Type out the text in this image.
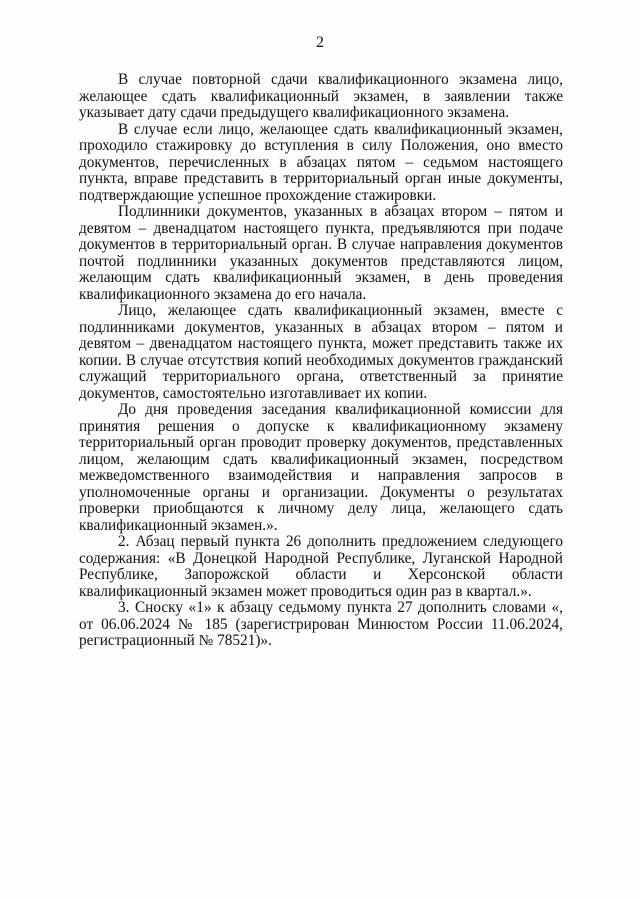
2

В случае повторной сдачи квалификационного экзамена лицо, желающее сдать квалификационный экзамен, в заявлении также указывает дату сдачи предыдущего квалификационного экзамена.

В случае если лицо, желающее сдать квалификационный экзамен, проходило стажировку до вступления в силу Положения, оно вместо документов, перечисленных в абзацах пятом – седьмом настоящего пункта, вправе представить в территориальный орган иные документы, подтверждающие успешное прохождение стажировки.

Подлинники документов, указанных в абзацах втором – пятом и девятом – двенадцатом настоящего пункта, предъявляются при подаче документов в территориальный орган. В случае направления документов почтой подлинники указанных документов представляются лицом, желающим сдать квалификационный экзамен, в день проведения квалификационного экзамена до его начала.

Лицо, желающее сдать квалификационный экзамен, вместе с подлинниками документов, указанных в абзацах втором – пятом и девятом – двенадцатом настоящего пункта, может представить также их копии. В случае отсутствия копий необходимых документов гражданский служащий территориального органа, ответственный за принятие документов, самостоятельно изготавливает их копии.

До дня проведения заседания квалификационной комиссии для принятия решения о допуске к квалификационному экзамену территориальный орган проводит проверку документов, представленных лицом, желающим сдать квалификационный экзамен, посредством межведомственного взаимодействия и направления запросов в уполномоченные органы и организации. Документы о результатах проверки приобщаются к личному делу лица, желающего сдать квалификационный экзамен.».

2. Абзац первый пункта 26 дополнить предложением следующего содержания: «В Донецкой Народной Республике, Луганской Народной Республике, Запорожской области и Херсонской области квалификационный экзамен может проводиться один раз в квартал.».

3. Сноску «1» к абзацу седьмому пункта 27 дополнить словами «, от 06.06.2024 № 185 (зарегистрирован Минюстом России 11.06.2024, регистрационный № 78521)».
